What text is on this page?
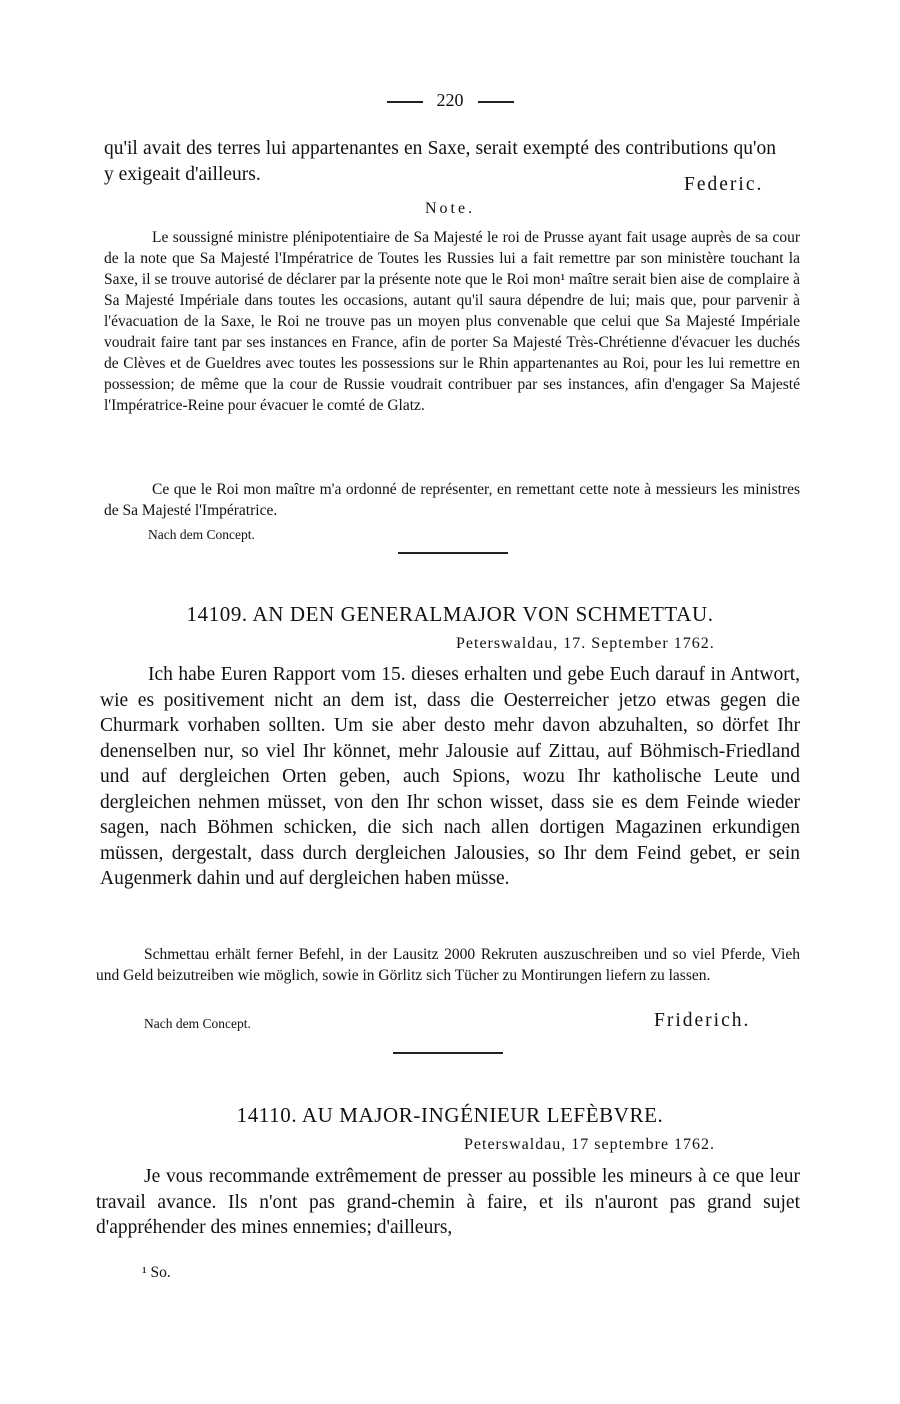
220
qu'il avait des terres lui appartenantes en Saxe, serait exempté des contributions qu'on y exigeait d'ailleurs.	Federic.
Note.
Le soussigné ministre plénipotentiaire de Sa Majesté le roi de Prusse ayant fait usage auprès de sa cour de la note que Sa Majesté l'Impératrice de Toutes les Russies lui a fait remettre par son ministère touchant la Saxe, il se trouve autorisé de déclarer par la présente note que le Roi mon¹ maître serait bien aise de complaire à Sa Majesté Impériale dans toutes les occasions, autant qu'il saura dépendre de lui; mais que, pour parvenir à l'évacuation de la Saxe, le Roi ne trouve pas un moyen plus convenable que celui que Sa Majesté Impériale voudrait faire tant par ses instances en France, afin de porter Sa Majesté Très-Chrétienne d'évacuer les duchés de Clèves et de Gueldres avec toutes les possessions sur le Rhin appartenantes au Roi, pour les lui remettre en possession; de même que la cour de Russie voudrait contribuer par ses instances, afin d'engager Sa Majesté l'Impératrice-Reine pour évacuer le comté de Glatz.
Ce que le Roi mon maître m'a ordonné de représenter, en remettant cette note à messieurs les ministres de Sa Majesté l'Impératrice.
Nach dem Concept.
14109. AN DEN GENERALMAJOR VON SCHMETTAU.
Peterswaldau, 17. September 1762.
Ich habe Euren Rapport vom 15. dieses erhalten und gebe Euch darauf in Antwort, wie es positivement nicht an dem ist, dass die Oesterreicher jetzo etwas gegen die Churmark vorhaben sollten. Um sie aber desto mehr davon abzuhalten, so dörfet Ihr denenselben nur, so viel Ihr könnet, mehr Jalousie auf Zittau, auf Böhmisch-Friedland und auf dergleichen Orten geben, auch Spions, wozu Ihr katholische Leute und dergleichen nehmen müsset, von den Ihr schon wisset, dass sie es dem Feinde wieder sagen, nach Böhmen schicken, die sich nach allen dortigen Magazinen erkundigen müssen, dergestalt, dass durch dergleichen Jalousies, so Ihr dem Feind gebet, er sein Augenmerk dahin und auf dergleichen haben müsse.
Schmettau erhält ferner Befehl, in der Lausitz 2000 Rekruten auszuschreiben und so viel Pferde, Vieh und Geld beizutreiben wie möglich, sowie in Görlitz sich Tücher zu Montirungen liefern zu lassen.
Nach dem Concept.	Friderich.
14110. AU MAJOR-INGÉNIEUR LEFÈBVRE.
Peterswaldau, 17 septembre 1762.
Je vous recommande extrêmement de presser au possible les mineurs à ce que leur travail avance. Ils n'ont pas grand-chemin à faire, et ils n'auront pas grand sujet d'appréhender des mines ennemies; d'ailleurs,
¹ So.
